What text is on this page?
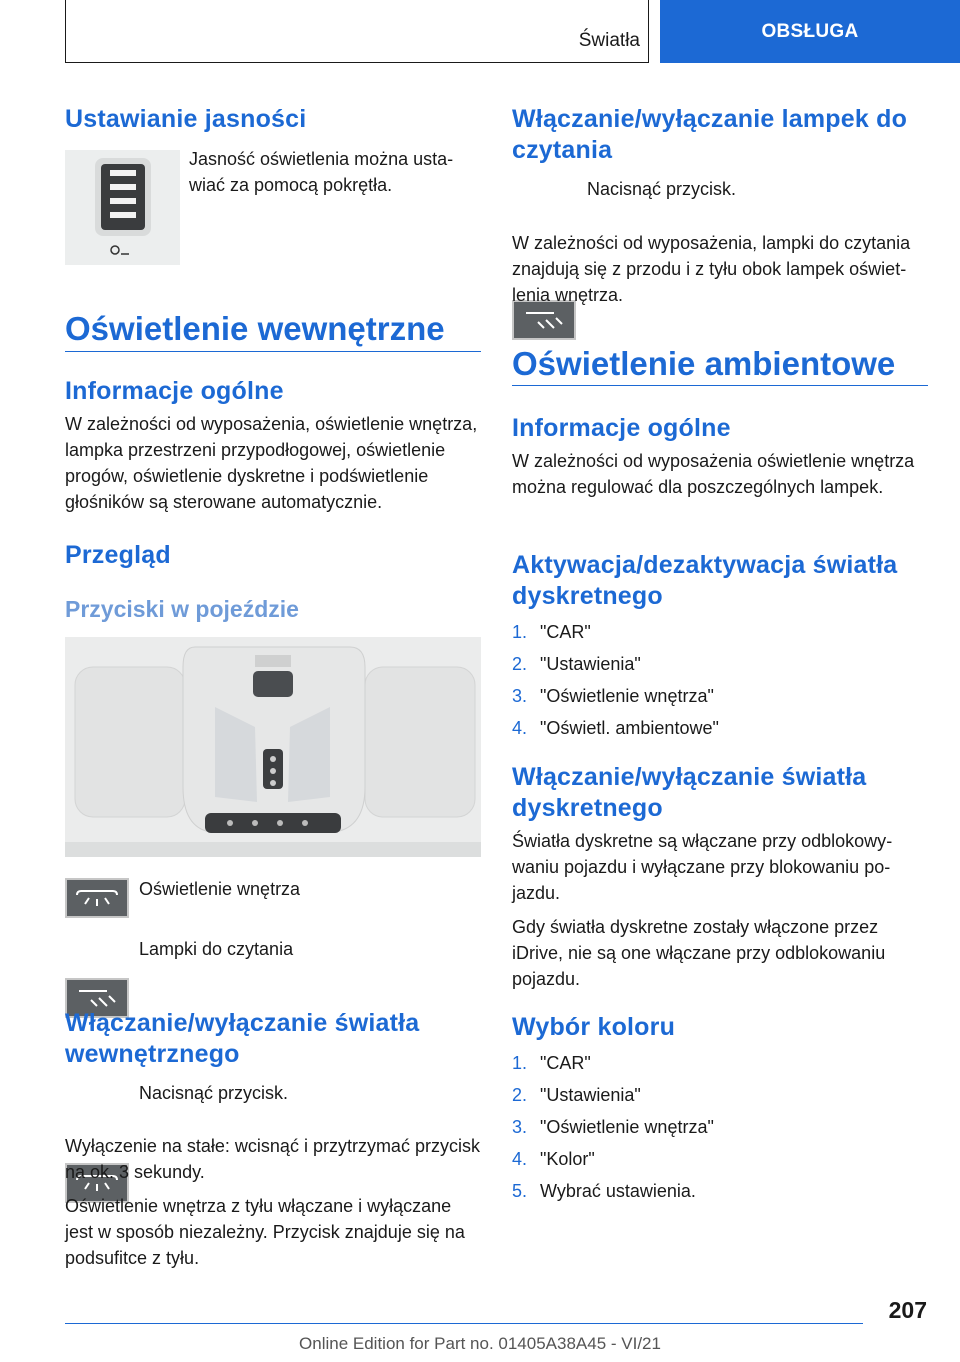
Światła	OBSŁUGA
Ustawianie jasności

Jasność oświetlenia można ustawiać za pomocą pokrętła.

Oświetlenie wewnętrzne
Informacje ogólne

W zależności od wyposażenia, oświetlenie wnętrza, lampka przestrzeni przypodłogowej, oświetlenie progów, oświetlenie dyskretne i podświetlenie głośników są sterowane automatycznie.

Przegląd
Przyciski w pojeździe

Oświetlenie wnętrza

Lampki do czytania

Włączanie/wyłączanie światła wewnętrznego

Nacisnąć przycisk.

Wyłączenie na stałe: wcisnąć i przytrzymać przycisk na ok. 3 sekundy.

Oświetlenie wnętrza z tyłu włączane i wyłączane jest w sposób niezależny. Przycisk znajduje się na podsufitce z tyłu.

Włączanie/wyłączanie lampek do czytania

Nacisnąć przycisk.

W zależności od wyposażenia, lampki do czytania znajdują się z przodu i z tyłu obok lampek oświetlenia wnętrza.

Oświetlenie ambientowe
Informacje ogólne

W zależności od wyposażenia oświetlenie wnętrza można regulować dla poszczególnych lampek.

Aktywacja/dezaktywacja światła dyskretnego
1. "CAR"
2. "Ustawienia"
3. "Oświetlenie wnętrza"
4. "Oświetl. ambientowe"
Włączanie/wyłączanie światła dyskretnego

Światła dyskretne są włączane przy odblokowywaniu pojazdu i wyłączane przy blokowaniu pojazdu.

Gdy światła dyskretne zostały włączone przez iDrive, nie są one włączane przy odblokowaniu pojazdu.

Wybór koloru
1. "CAR"
2. "Ustawienia"
3. "Oświetlenie wnętrza"
4. "Kolor"
5. Wybrać ustawienia.
207
Online Edition for Part no. 01405A38A45 - VI/21
